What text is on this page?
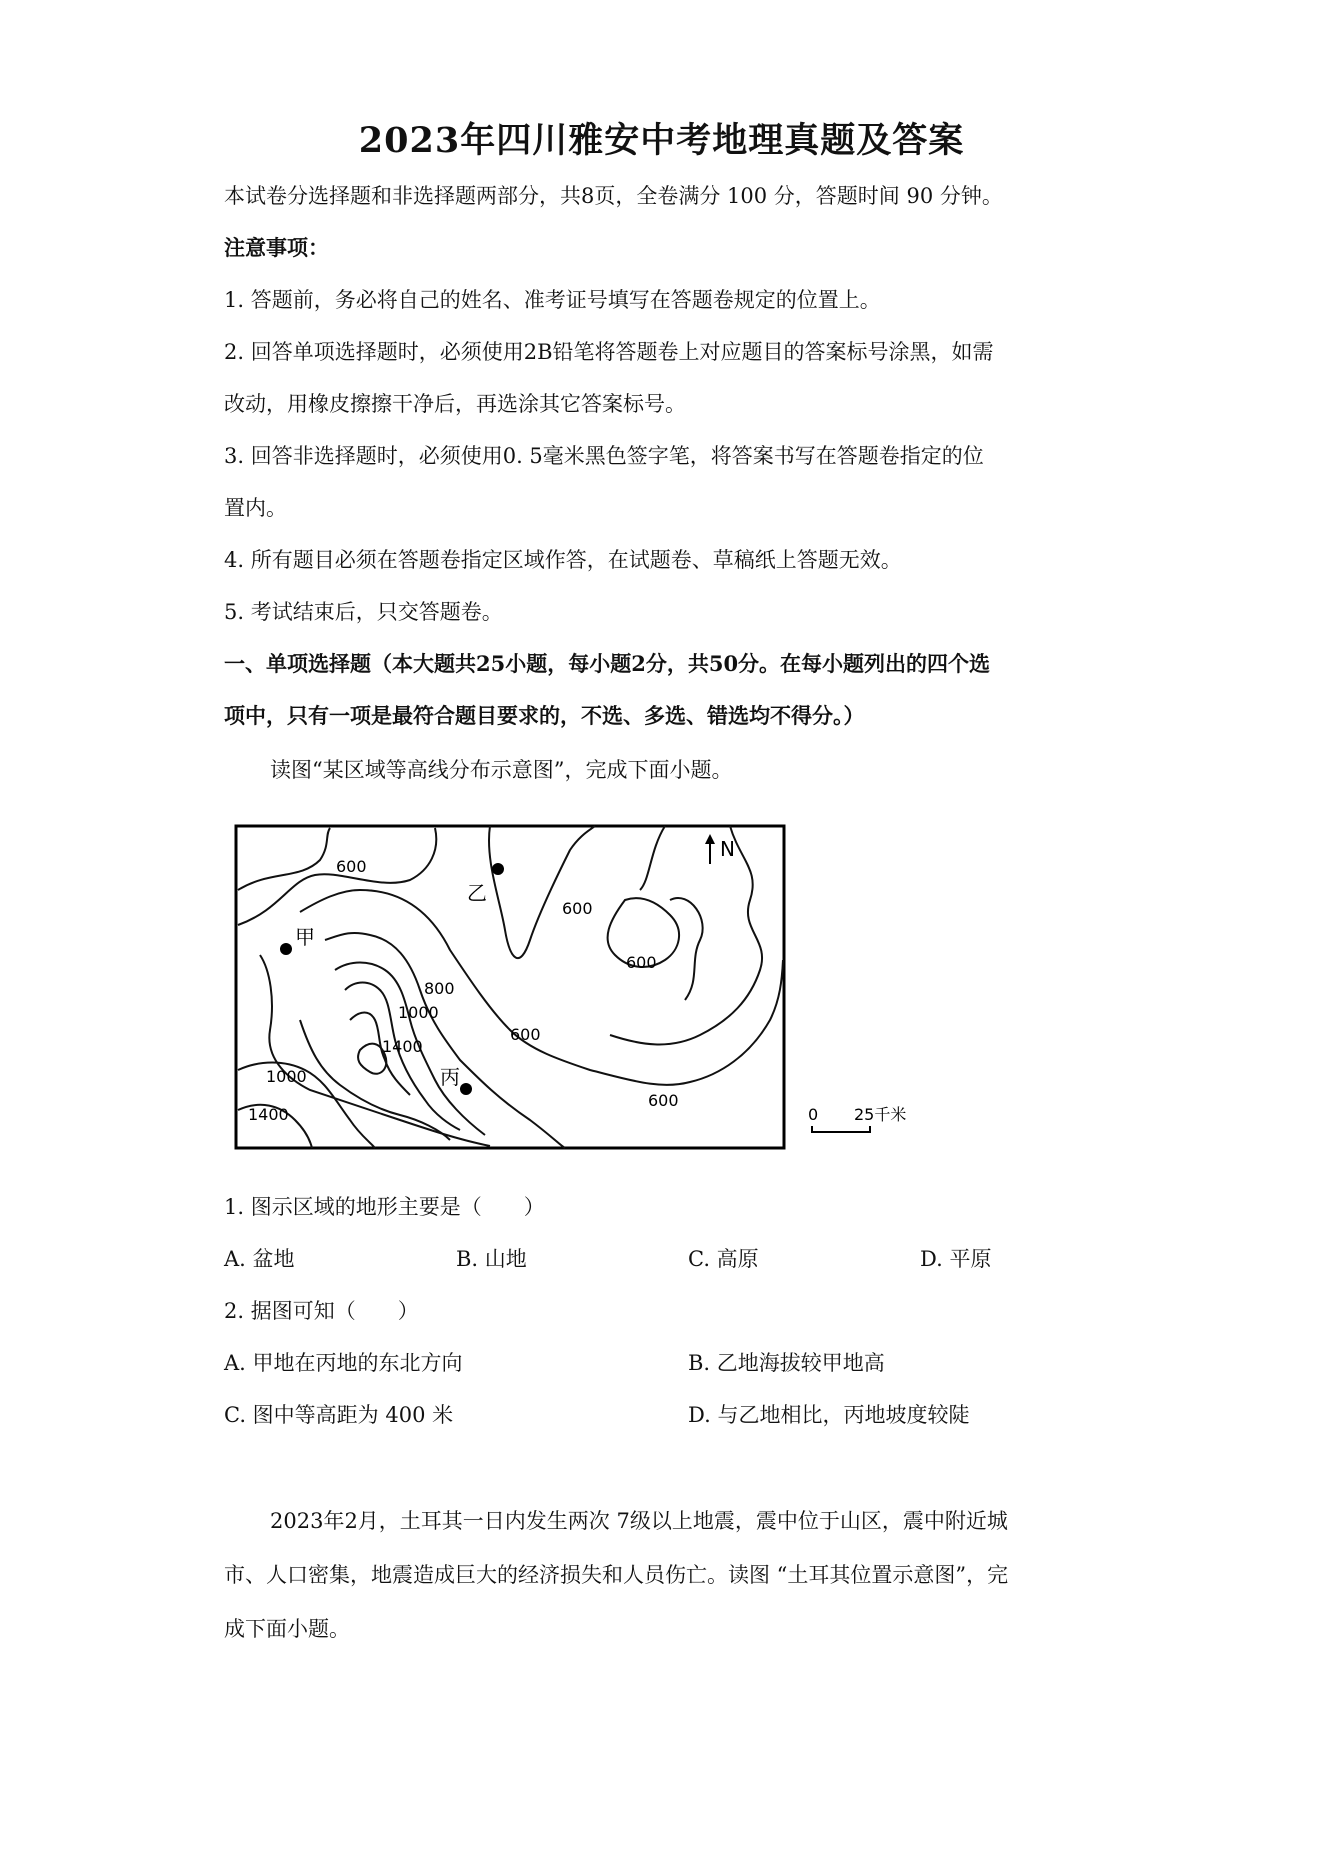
2023年四川雅安中考地理真题及答案
本试卷分选择题和非选择题两部分，共8页，全卷满分 100 分，答题时间 90 分钟。
注意事项：
1. 答题前，务必将自己的姓名、准考证号填写在答题卷规定的位置上。
2. 回答单项选择题时，必须使用2B铅笔将答题卷上对应题目的答案标号涂黑，如需
改动，用橡皮擦擦干净后，再选涂其它答案标号。
3. 回答非选择题时，必须使用0. 5毫米黑色签字笔，将答案书写在答题卷指定的位
置内。
4. 所有题目必须在答题卷指定区域作答，在试题卷、草稿纸上答题无效。
5. 考试结束后，只交答题卷。
一、单项选择题（本大题共25小题，每小题2分，共50分。在每小题列出的四个选
项中，只有一项是最符合题目要求的，不选、多选、错选均不得分。）
读图“某区域等高线分布示意图”，完成下面小题。
N
甲
乙
丙
600
600
600
600
600
800
1000
1000
1400
1400	0 25千米
1. 图示区域的地形主要是（　　）
A. 盆地	B. 山地	C. 高原	D. 平原
2. 据图可知（　　）
A. 甲地在丙地的东北方向	B. 乙地海拔较甲地高
C. 图中等高距为 400 米	D. 与乙地相比，丙地坡度较陡
2023年2月，土耳其一日内发生两次 7级以上地震，震中位于山区，震中附近城
市、人口密集，地震造成巨大的经济损失和人员伤亡。读图 “土耳其位置示意图”，完
成下面小题。
